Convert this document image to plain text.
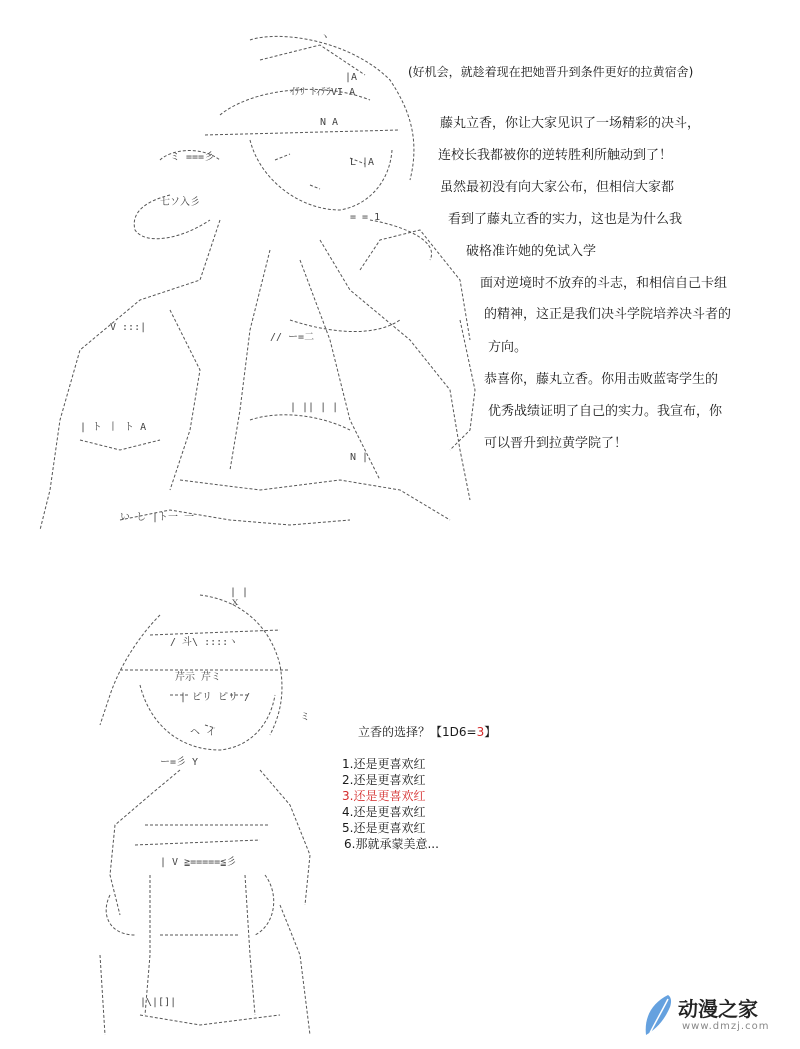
ヽ
|A
ｲﾃﾘ ﾄｨﾃﾗVI A
N A
L |A
ミ ===彡
七ソ入彡
= = 1
V :::|
// ー=二
| || | |
| ト 丨 ト A
N |
い し |ト一 一
(好机会，就趁着现在把她晋升到条件更好的拉黄宿舍)
藤丸立香，你让大家见识了一场精彩的决斗，
连校长我都被你的逆转胜利所触动到了！
虽然最初没有向大家公布，但相信大家都
看到了藤丸立香的实力，这也是为什么我
破格准许她的免试入学
面对逆境时不放弃的斗志，和相信自己卡组
的精神，这正是我们决斗学院培养决斗者的
方向。
恭喜你，藤丸立香。你用击败蓝寄学生的
优秀战绩证明了自己的实力。我宣布，你
可以晋升到拉黄学院了！
ｘ
| |
/ 斗\ ::::ヽ
芹示 芹ミ
| ピリ ピリ /
ヘ イ
ミ
ー=彡 Y
| V ≧=====≦彡
|\|[]|
立香的选择？【1D6=3】
1.还是更喜欢红
2.还是更喜欢红
3.还是更喜欢红
4.还是更喜欢红
5.还是更喜欢红
6.那就承蒙美意...
动漫之家
www.dmzj.com
